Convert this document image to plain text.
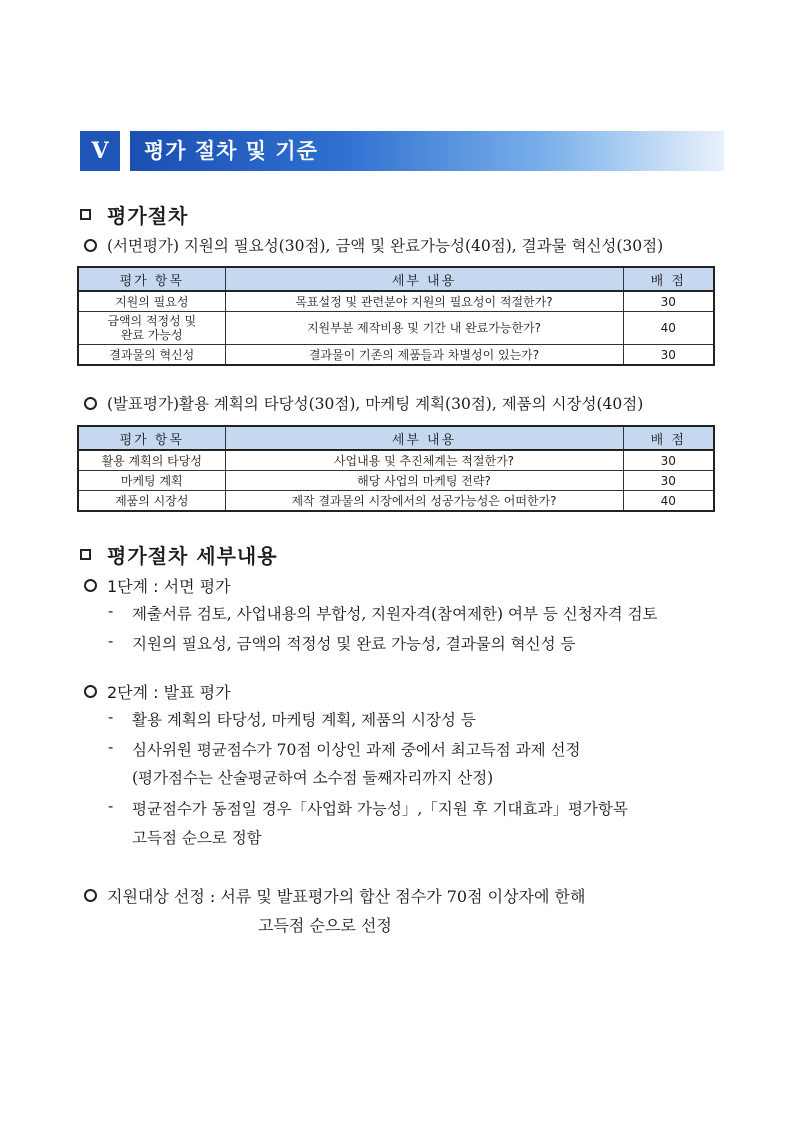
V	평가 절차 및 기준
평가절차
(서면평가) 지원의 필요성(30점), 금액 및 완료가능성(40점), 결과물 혁신성(30점)
평가 항목	세부 내용	배 점
지원의 필요성	목표설정 및 관련분야 지원의 필요성이 적절한가?	30
금액의 적정성 및
완료 가능성	지원부분 제작비용 및 기간 내 완료가능한가?	40
결과물의 혁신성	결과물이 기존의 제품들과 차별성이 있는가?	30
(발표평가)활용 계획의 타당성(30점), 마케팅 계획(30점), 제품의 시장성(40점)
평가 항목	세부 내용	배 점
활용 계획의 타당성	사업내용 및 추진체계는 적절한가?	30
마케팅 계획	해당 사업의 마케팅 전략?	30
제품의 시장성	제작 결과물의 시장에서의 성공가능성은 어떠한가?	40
평가절차 세부내용
1단계 : 서면 평가
-	제출서류 검토, 사업내용의 부합성, 지원자격(참여제한) 여부 등 신청자격 검토
-	지원의 필요성, 금액의 적정성 및 완료 가능성, 결과물의 혁신성 등
2단계 : 발표 평가
-	활용 계획의 타당성, 마케팅 계획, 제품의 시장성 등
-	심사위원 평균점수가 70점 이상인 과제 중에서 최고득점 과제 선정
(평가점수는 산술평균하여 소수점 둘째자리까지 산정)
-	평균점수가 동점일 경우「사업화 가능성」,「지원 후 기대효과」평가항목
고득점 순으로 정함
지원대상 선정 : 서류 및 발표평가의 합산 점수가 70점 이상자에 한해
고득점 순으로 선정
